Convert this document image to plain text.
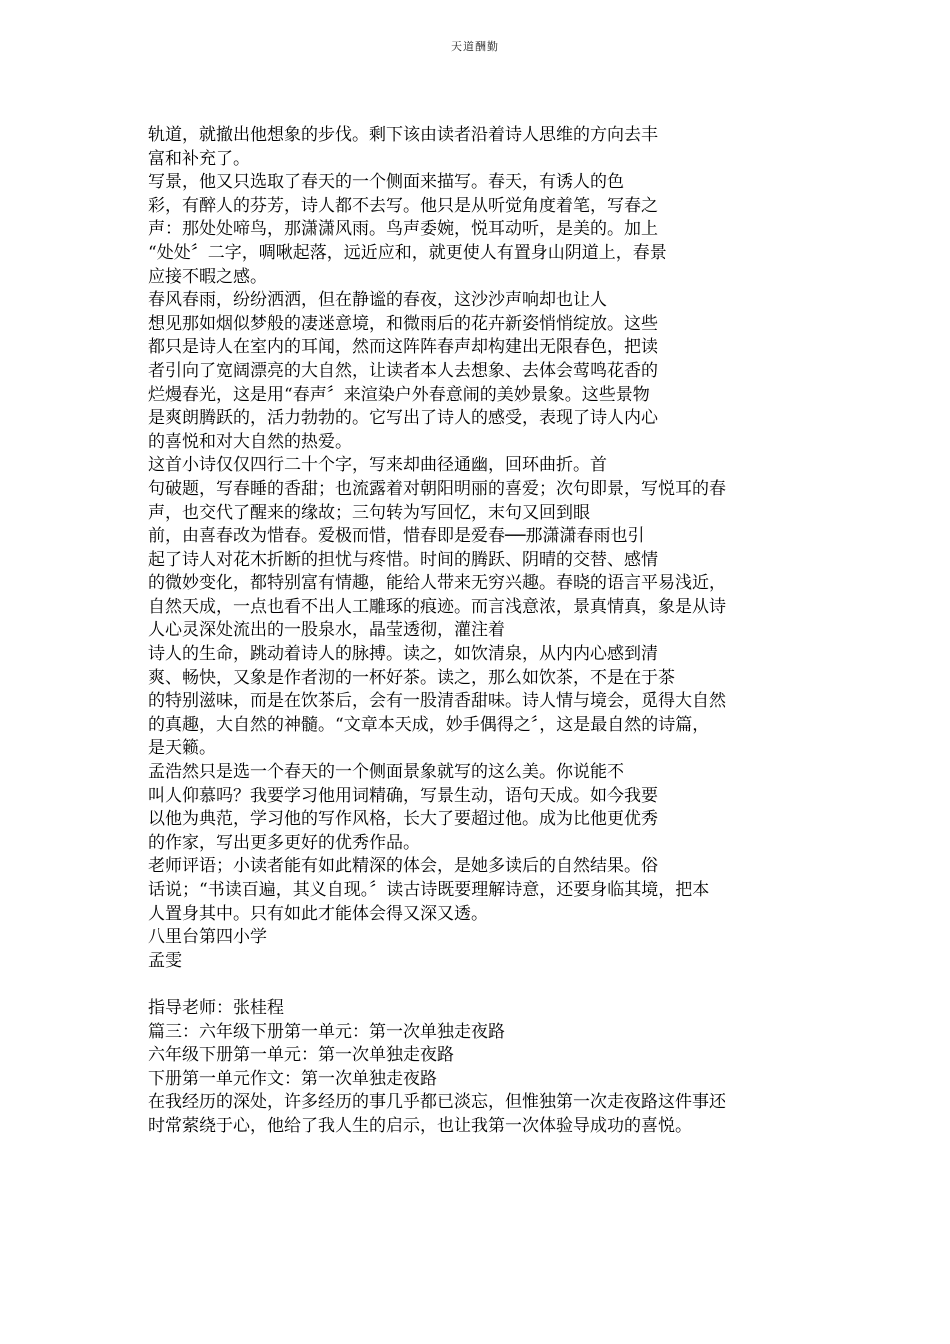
天道酬勤
轨道，就撤出他想象的步伐。剩下该由读者沿着诗人思维的方向去丰
富和补充了。
写景，他又只选取了春天的一个侧面来描写。春天，有诱人的色
彩，有醉人的芬芳，诗人都不去写。他只是从听觉角度着笔，写春之
声：那处处啼鸟，那潇潇风雨。鸟声委婉，悦耳动听，是美的。加上
“处处〞二字，啁啾起落，远近应和，就更使人有置身山阴道上，春景
应接不暇之感。
春风春雨，纷纷洒洒，但在静谧的春夜，这沙沙声响却也让人
想见那如烟似梦般的凄迷意境，和微雨后的花卉新姿悄悄绽放。这些
都只是诗人在室内的耳闻，然而这阵阵春声却构建出无限春色，把读
者引向了宽阔漂亮的大自然，让读者本人去想象、去体会莺鸣花香的
烂熳春光，这是用“春声〞来渲染户外春意闹的美妙景象。这些景物
是爽朗腾跃的，活力勃勃的。它写出了诗人的感受，表现了诗人内心
的喜悦和对大自然的热爱。
这首小诗仅仅四行二十个字，写来却曲径通幽，回环曲折。首
句破题，写春睡的香甜；也流露着对朝阳明丽的喜爱；次句即景，写悦耳的春
声，也交代了醒来的缘故；三句转为写回忆，末句又回到眼
前，由喜春改为惜春。爱极而惜，惜春即是爱春──那潇潇春雨也引
起了诗人对花木折断的担忧与疼惜。时间的腾跃、阴晴的交替、感情
的微妙变化，都特别富有情趣，能给人带来无穷兴趣。春晓的语言平易浅近，
自然天成，一点也看不出人工雕琢的痕迹。而言浅意浓，景真情真，象是从诗
人心灵深处流出的一股泉水，晶莹透彻，灌注着
诗人的生命，跳动着诗人的脉搏。读之，如饮清泉，从内内心感到清
爽、畅快，又象是作者沏的一杯好茶。读之，那么如饮茶，不是在于茶
的特别滋味，而是在饮茶后，会有一股清香甜味。诗人情与境会，觅得大自然
的真趣，大自然的神髓。“文章本天成，妙手偶得之〞，这是最自然的诗篇，
是天籁。
孟浩然只是选一个春天的一个侧面景象就写的这么美。你说能不
叫人仰慕吗？我要学习他用词精确，写景生动，语句天成。如今我要
以他为典范，学习他的写作风格，长大了要超过他。成为比他更优秀
的作家，写出更多更好的优秀作品。
老师评语；小读者能有如此精深的体会，是她多读后的自然结果。俗
话说；“书读百遍，其义自现。〞读古诗既要理解诗意，还要身临其境，把本
人置身其中。只有如此才能体会得又深又透。
八里台第四小学
孟雯
指导老师：张桂程
篇三：六年级下册第一单元：第一次单独走夜路
六年级下册第一单元：第一次单独走夜路
下册第一单元作文：第一次单独走夜路
在我经历的深处，许多经历的事几乎都已淡忘，但惟独第一次走夜路这件事还
时常萦绕于心，他给了我人生的启示，也让我第一次体验导成功的喜悦。
